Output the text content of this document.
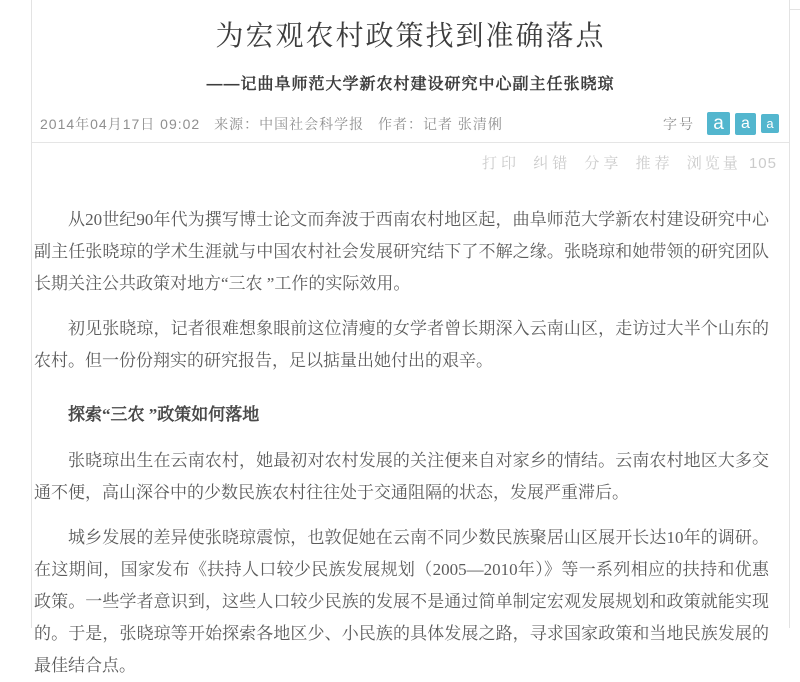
为宏观农村政策找到准确落点
——记曲阜师范大学新农村建设研究中心副主任张晓琼
2014年04月17日 09:02 来源：中国社会科学报 作者：记者 张清俐	字号 a	a	a
打印 纠错 分享 推荐 浏览量 105

从20世纪90年代为撰写博士论文而奔波于西南农村地区起，曲阜师范大学新农村建设研究中心副主任张晓琼的学术生涯就与中国农村社会发展研究结下了不解之缘。张晓琼和她带领的研究团队长期关注公共政策对地方“三农 ”工作的实际效用。

初见张晓琼，记者很难想象眼前这位清瘦的女学者曾长期深入云南山区，走访过大半个山东的农村。但一份份翔实的研究报告，足以掂量出她付出的艰辛。

探索“三农 ”政策如何落地

张晓琼出生在云南农村，她最初对农村发展的关注便来自对家乡的情结。云南农村地区大多交通不便，高山深谷中的少数民族农村往往处于交通阻隔的状态，发展严重滞后。

城乡发展的差异使张晓琼震惊，也敦促她在云南不同少数民族聚居山区展开长达10年的调研。在这期间，国家发布《扶持人口较少民族发展规划（2005—2010年）》等一系列相应的扶持和优惠政策。一些学者意识到，这些人口较少民族的发展不是通过简单制定宏观发展规划和政策就能实现的。于是，张晓琼等开始探索各地区少、小民族的具体发展之路，寻求国家政策和当地民族发展的最佳结合点。
